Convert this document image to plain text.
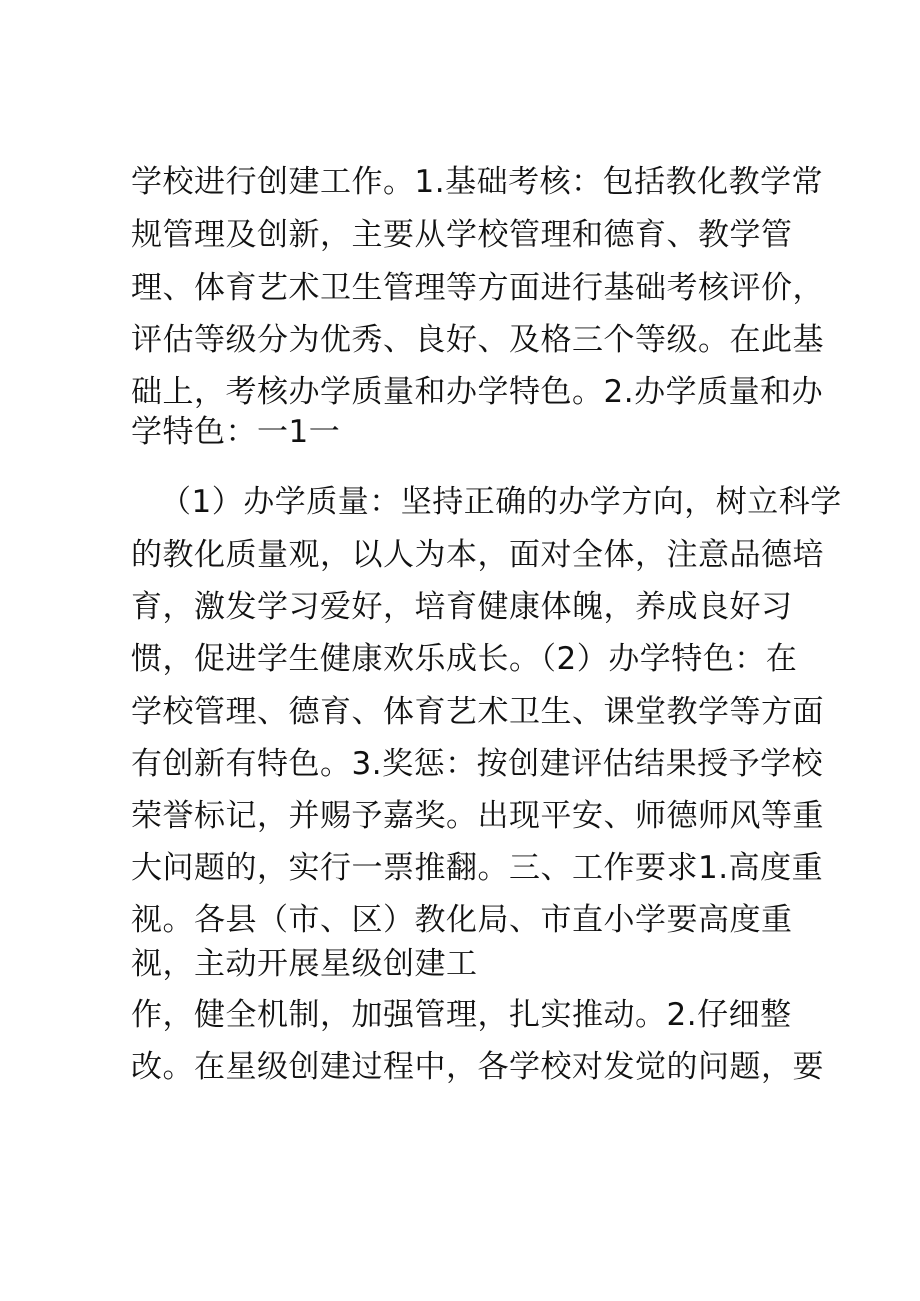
学校进行创建工作。1.基础考核：包括教化教学常

规管理及创新，主要从学校管理和德育、教学管

理、体育艺术卫生管理等方面进行基础考核评价，

评估等级分为优秀、良好、及格三个等级。在此基

础上，考核办学质量和办学特色。2.办学质量和办

学特色：一1一

（1）办学质量：坚持正确的办学方向，树立科学

的教化质量观，以人为本，面对全体，注意品德培

育，激发学习爱好，培育健康体魄，养成良好习

惯，促进学生健康欢乐成长。（2）办学特色：在

学校管理、德育、体育艺术卫生、课堂教学等方面

有创新有特色。3.奖惩：按创建评估结果授予学校

荣誉标记，并赐予嘉奖。出现平安、师德师风等重

大问题的，实行一票推翻。三、工作要求1.高度重

视。各县（市、区）教化局、市直小学要高度重

视，主动开展星级创建工

作，健全机制，加强管理，扎实推动。2.仔细整

改。在星级创建过程中，各学校对发觉的问题，要
